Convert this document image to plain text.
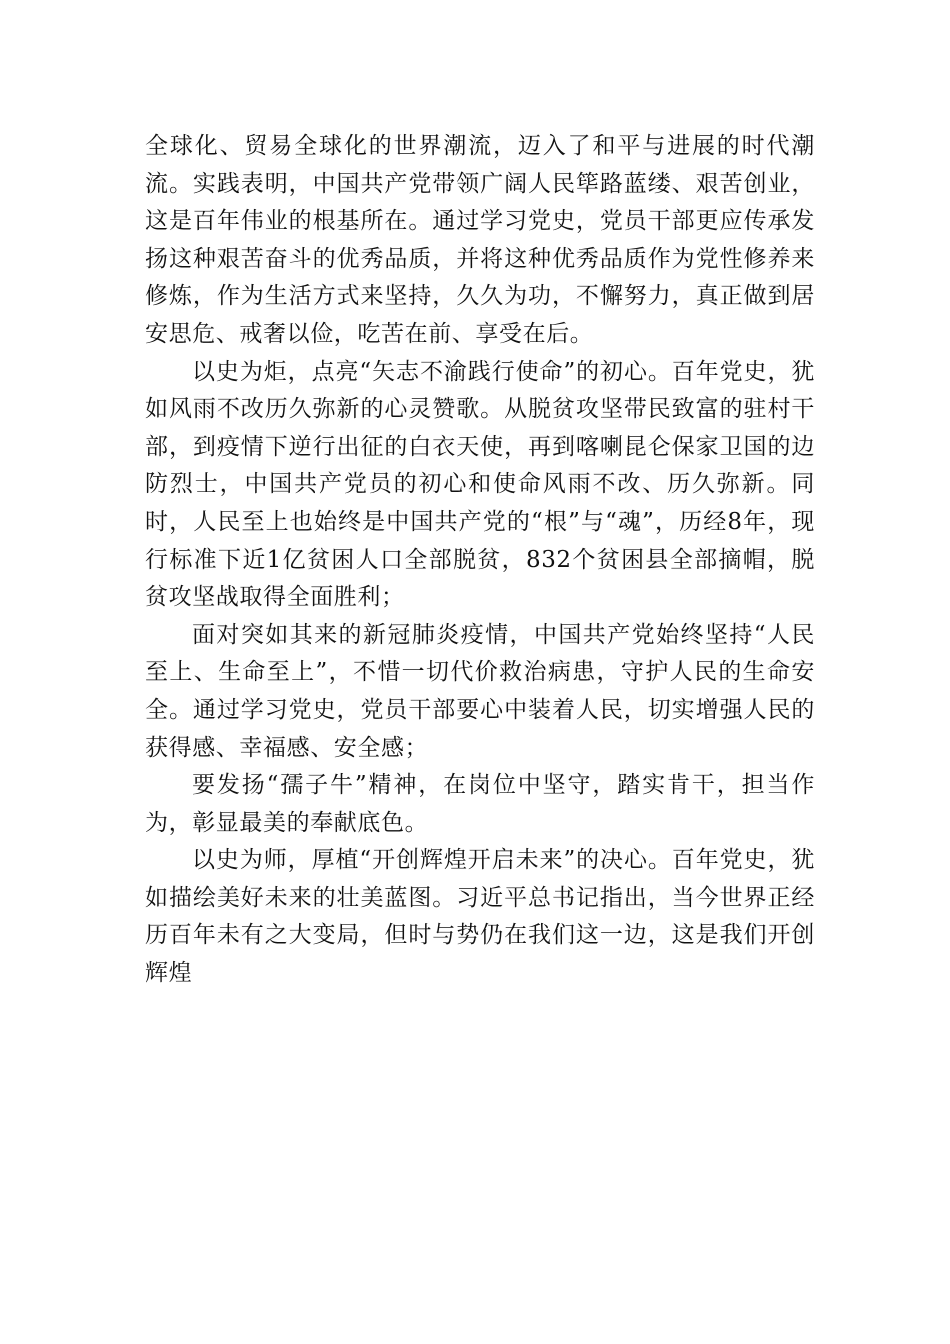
全球化、贸易全球化的世界潮流，迈入了和平与进展的时代潮流。实践表明，中国共产党带领广阔人民筚路蓝缕、艰苦创业，这是百年伟业的根基所在。通过学习党史，党员干部更应传承发扬这种艰苦奋斗的优秀品质，并将这种优秀品质作为党性修养来修炼，作为生活方式来坚持，久久为功，不懈努力，真正做到居安思危、戒奢以俭，吃苦在前、享受在后。

以史为炬，点亮“矢志不渝践行使命”的初心。百年党史，犹如风雨不改历久弥新的心灵赞歌。从脱贫攻坚带民致富的驻村干部，到疫情下逆行出征的白衣天使，再到喀喇昆仑保家卫国的边防烈士，中国共产党员的初心和使命风雨不改、历久弥新。同时，人民至上也始终是中国共产党的“根”与“魂”，历经8年，现行标准下近1亿贫困人口全部脱贫，832个贫困县全部摘帽，脱贫攻坚战取得全面胜利；

面对突如其来的新冠肺炎疫情，中国共产党始终坚持“人民至上、生命至上”，不惜一切代价救治病患，守护人民的生命安全。通过学习党史，党员干部要心中装着人民，切实增强人民的获得感、幸福感、安全感；

要发扬“孺子牛”精神，在岗位中坚守，踏实肯干，担当作为，彰显最美的奉献底色。

以史为师，厚植“开创辉煌开启未来”的决心。百年党史，犹如描绘美好未来的壮美蓝图。习近平总书记指出，当今世界正经历百年未有之大变局，但时与势仍在我们这一边，这是我们开创辉煌
